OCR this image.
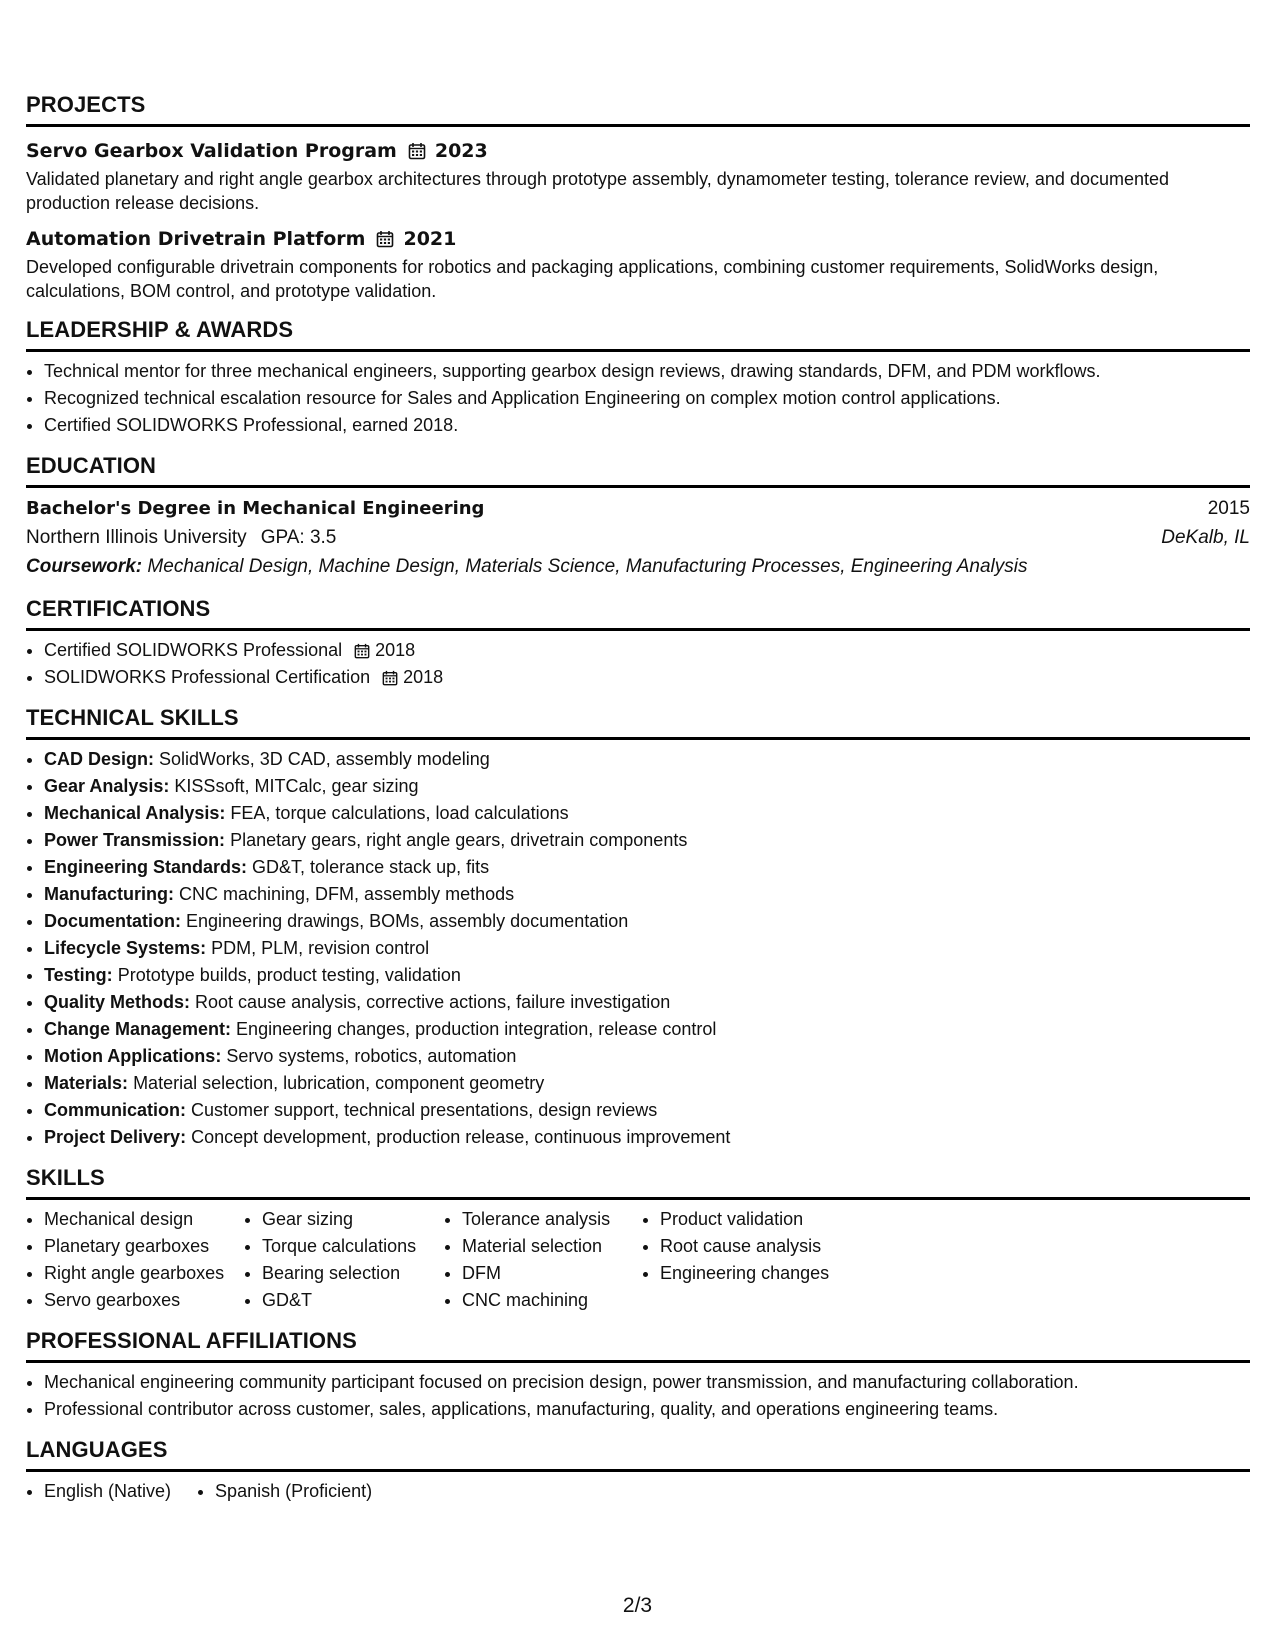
PROJECTS
Servo Gearbox Validation Program 2023
Validated planetary and right angle gearbox architectures through prototype assembly, dynamometer testing, tolerance review, and documented production release decisions.
Automation Drivetrain Platform 2021
Developed configurable drivetrain components for robotics and packaging applications, combining customer requirements, SolidWorks design, calculations, BOM control, and prototype validation.
LEADERSHIP & AWARDS
• Technical mentor for three mechanical engineers, supporting gearbox design reviews, drawing standards, DFM, and PDM workflows.
• Recognized technical escalation resource for Sales and Application Engineering on complex motion control applications.
• Certified SOLIDWORKS Professional, earned 2018.
EDUCATION
Bachelor's Degree in Mechanical Engineering	2015
Northern Illinois University GPA: 3.5	DeKalb, IL
Coursework: Mechanical Design, Machine Design, Materials Science, Manufacturing Processes, Engineering Analysis
CERTIFICATIONS
• Certified SOLIDWORKS Professional 2018
• SOLIDWORKS Professional Certification 2018
TECHNICAL SKILLS
• CAD Design: SolidWorks, 3D CAD, assembly modeling
• Gear Analysis: KISSsoft, MITCalc, gear sizing
• Mechanical Analysis: FEA, torque calculations, load calculations
• Power Transmission: Planetary gears, right angle gears, drivetrain components
• Engineering Standards: GD&T, tolerance stack up, fits
• Manufacturing: CNC machining, DFM, assembly methods
• Documentation: Engineering drawings, BOMs, assembly documentation
• Lifecycle Systems: PDM, PLM, revision control
• Testing: Prototype builds, product testing, validation
• Quality Methods: Root cause analysis, corrective actions, failure investigation
• Change Management: Engineering changes, production integration, release control
• Motion Applications: Servo systems, robotics, automation
• Materials: Material selection, lubrication, component geometry
• Communication: Customer support, technical presentations, design reviews
• Project Delivery: Concept development, production release, continuous improvement
SKILLS
• Mechanical design
• Planetary gearboxes
• Right angle gearboxes
• Servo gearboxes
• Gear sizing
• Torque calculations
• Bearing selection
• GD&T
• Tolerance analysis
• Material selection
• DFM
• CNC machining
• Product validation
• Root cause analysis
• Engineering changes
PROFESSIONAL AFFILIATIONS
• Mechanical engineering community participant focused on precision design, power transmission, and manufacturing collaboration.
• Professional contributor across customer, sales, applications, manufacturing, quality, and operations engineering teams.
LANGUAGES
• English (Native)
• Spanish (Proficient)
2/3
